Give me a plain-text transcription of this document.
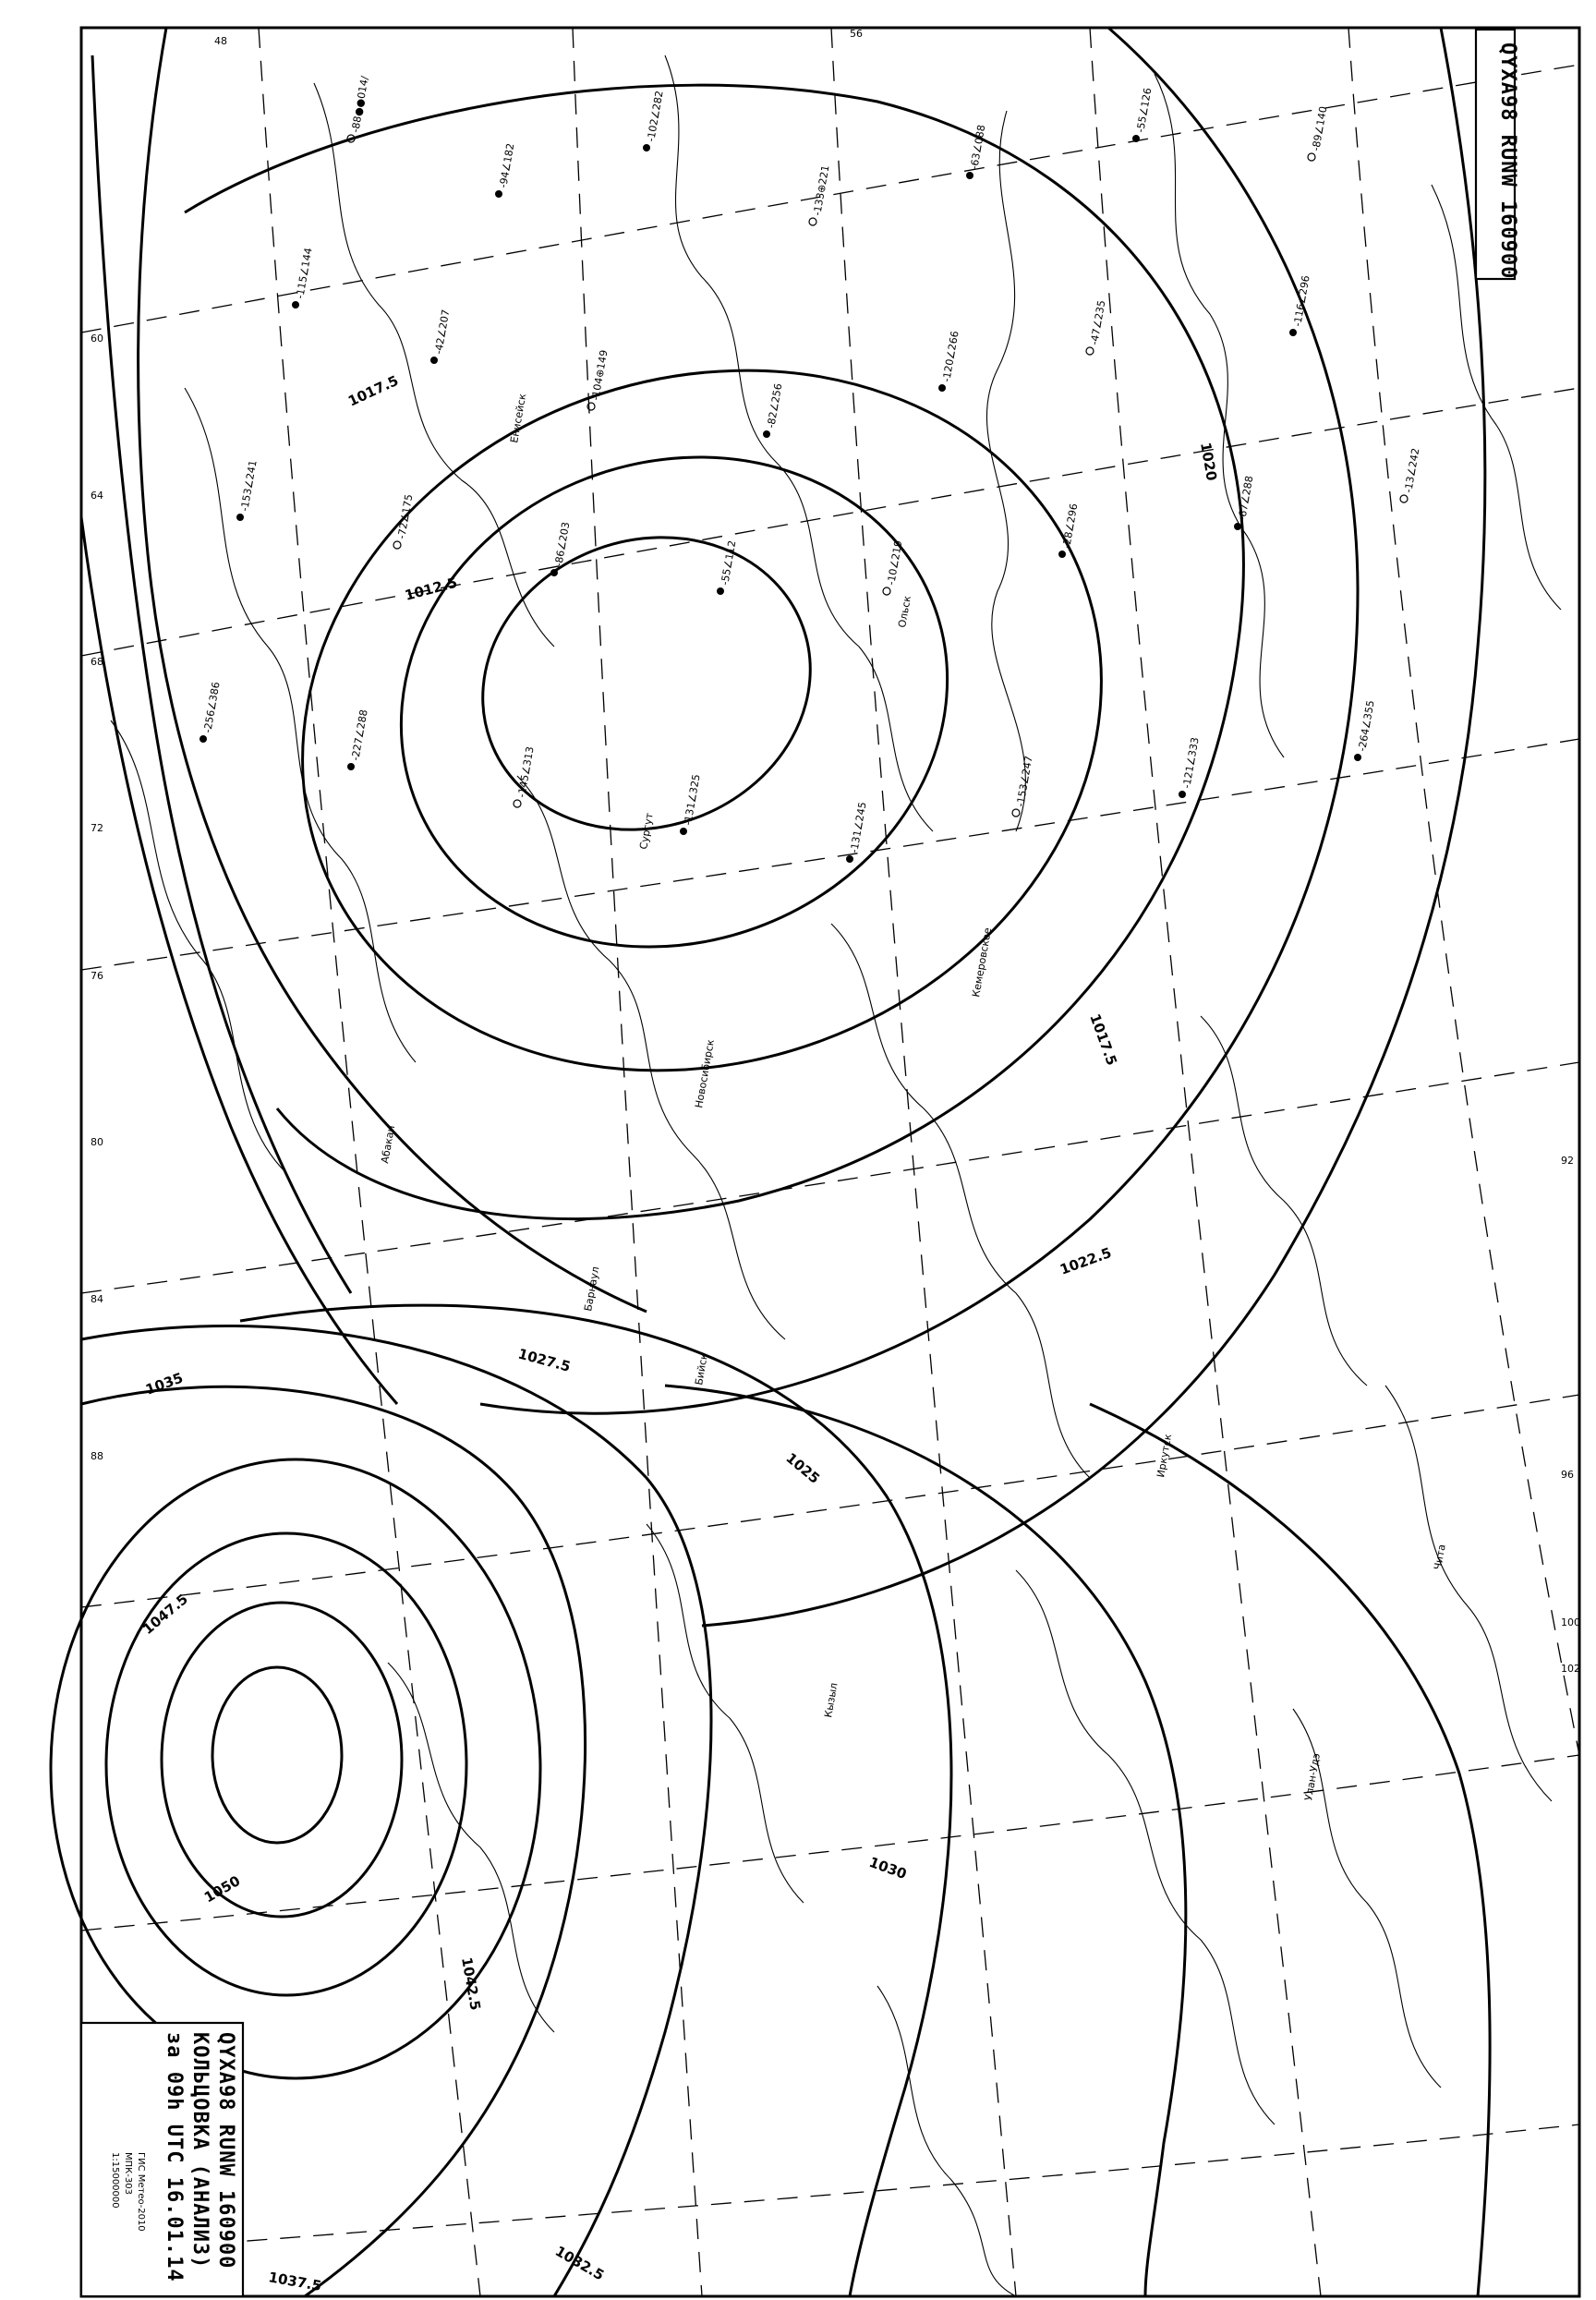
1017.5
1012.5
1017.5
1020
1022.5
1025
1027.5
1030
1032.5
1035
1037.5
1042.5
1047.5
1050
Ольск
Сургут
Кемеровское
Новосибирск
Барнаул
Бийск
Кызыл
Иркутск
Чита
Улан-Удэ
Абакан
Енисейск
48
56
60
64
68
72
76
80
84
88
92
96
100
102
-88●●014/
-94∠182
-102∠282
-133⊕221
-63∠088
-55∠126	-89∠140
-115∠144
-42∠207
-104⊕149
-82∠256
-120∠266
-47∠235	-116∠296
-153∠241
-72∠175
-86∠203	-55∠112	-10∠219
-28∠296
-67∠288
-13∠242
-256∠386
-227∠288
-145∠313
-131∠325
-131∠245
-153∠247	-121∠333
-264∠355
QYXA98 RUNW 160900
QYXA98 RUNW 160900
КОЛЬЦОВКА (АНАЛИЗ)
за 09h UTC 16.01.14
ГИС Метео-2010
МПК-303
1:15000000
